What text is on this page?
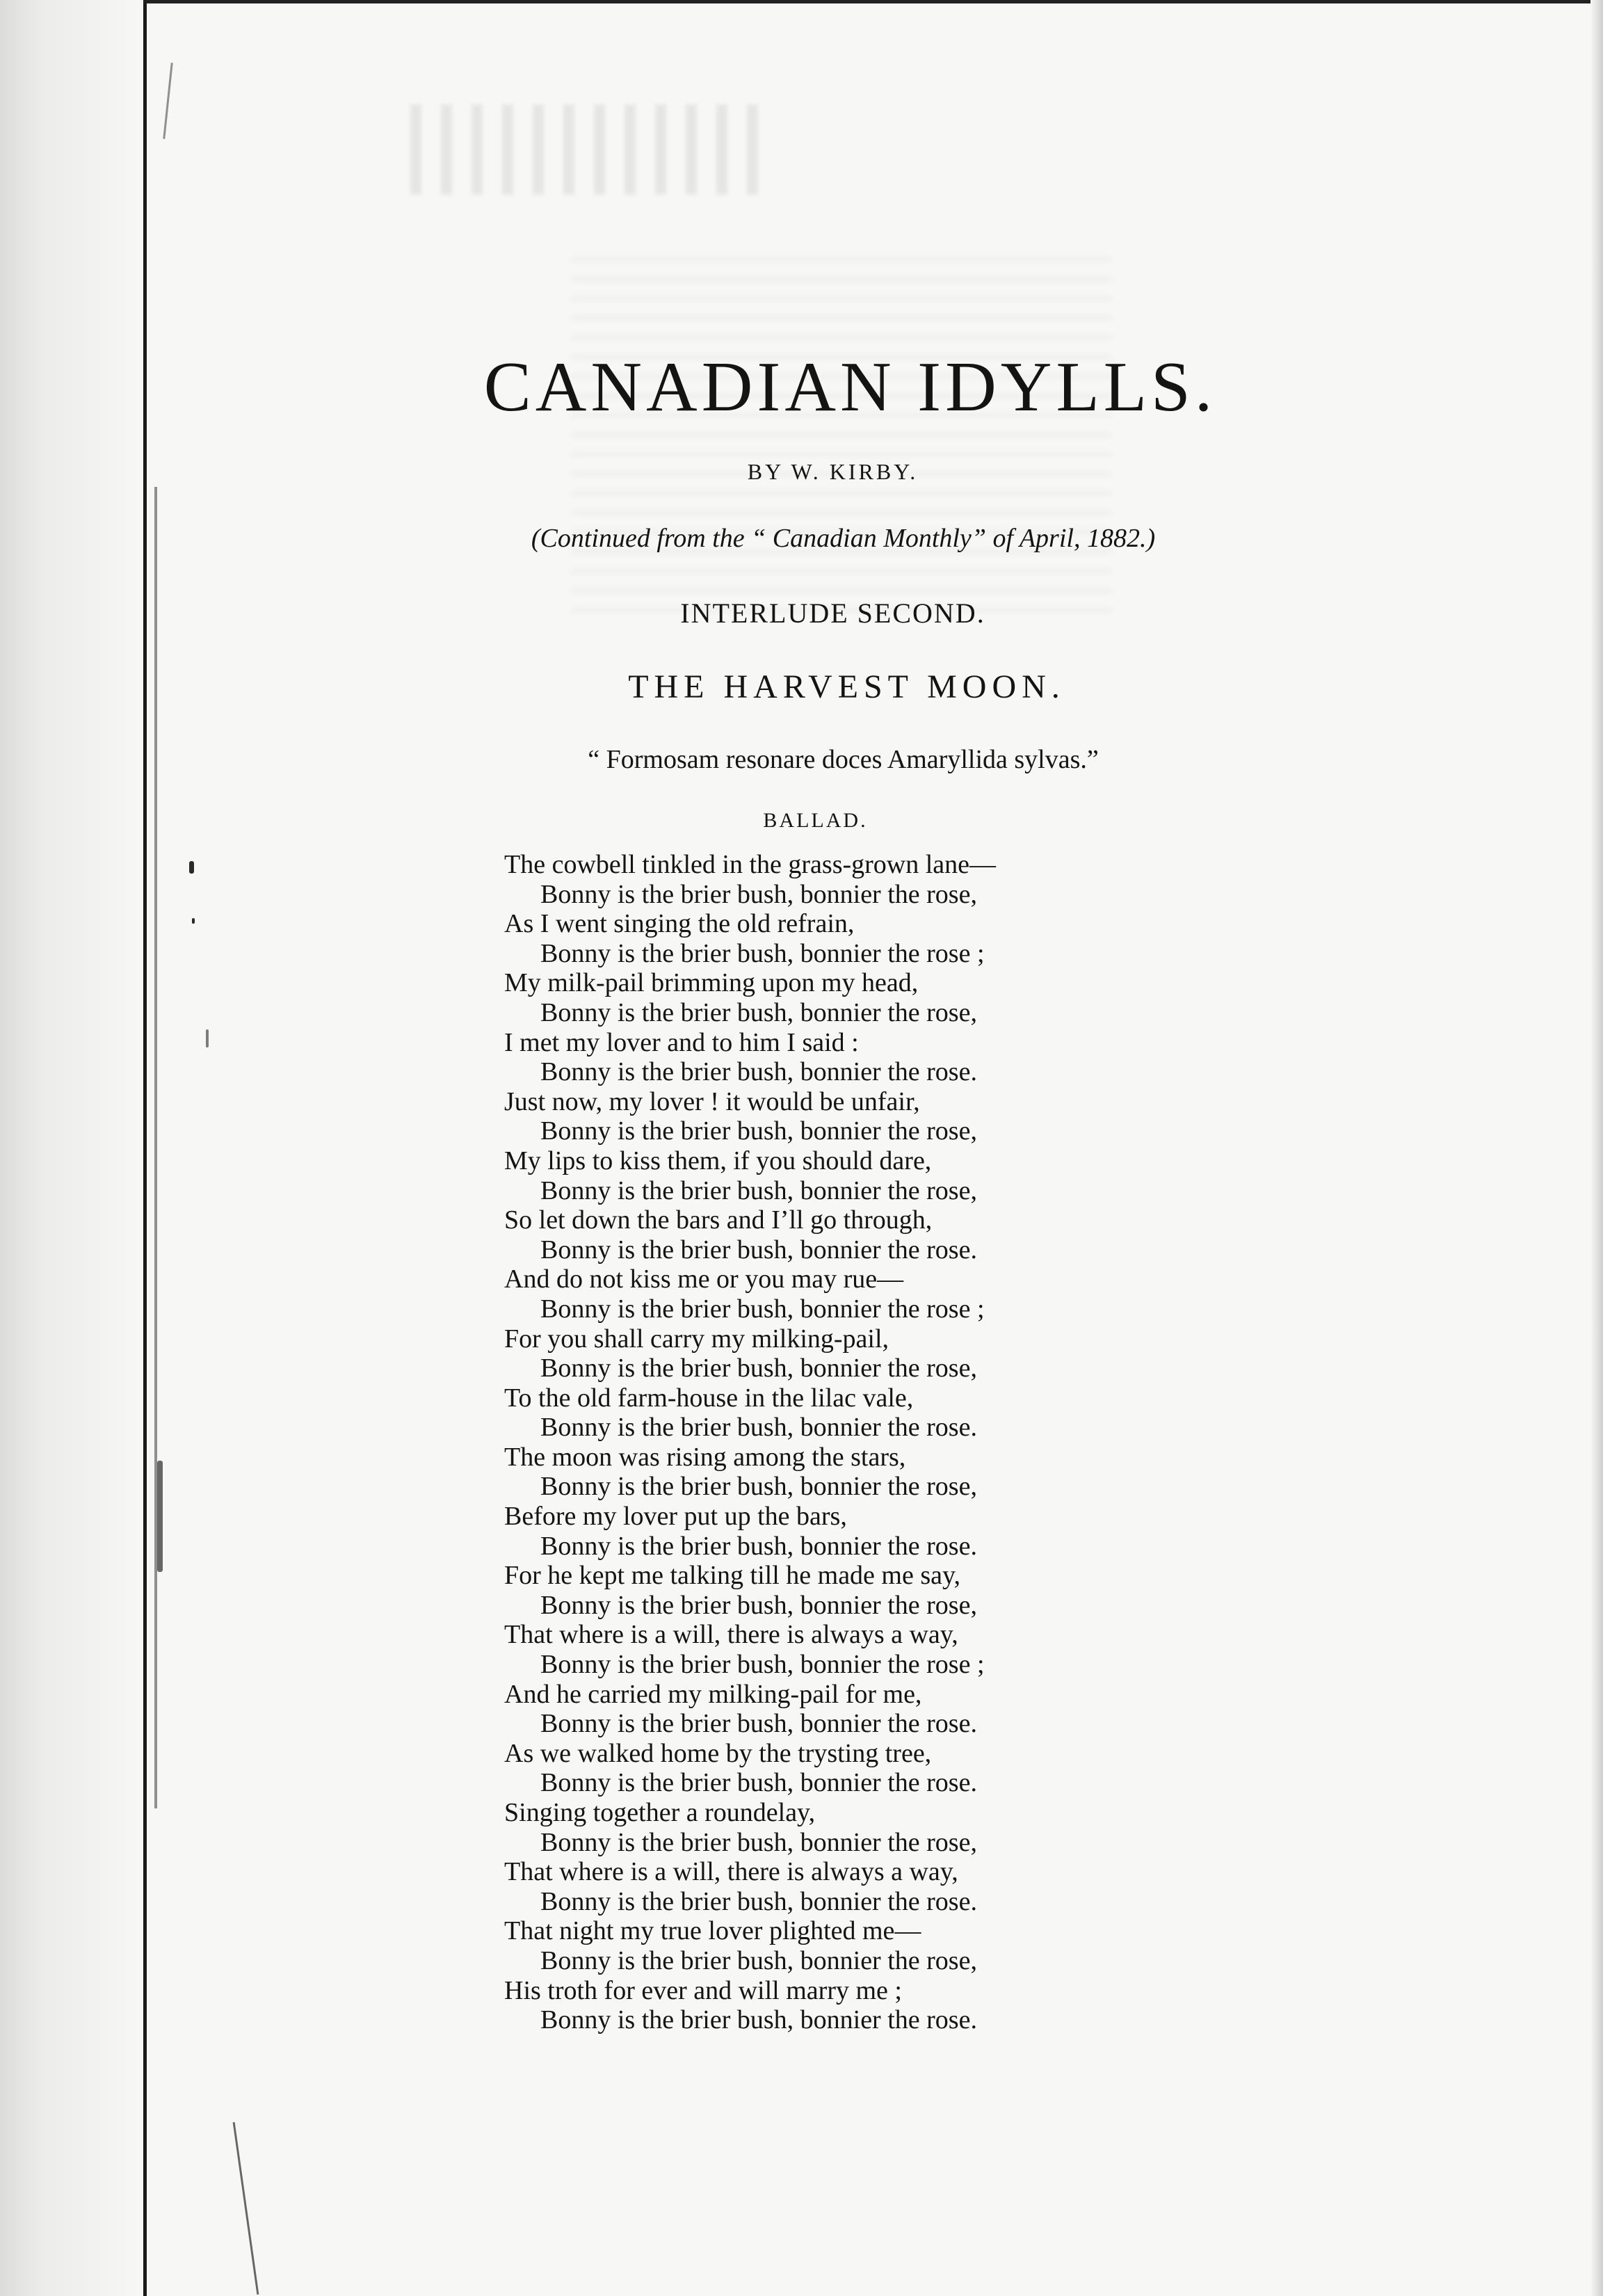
CANADIAN IDYLLS.
BY W. KIRBY.
(Continued from the “ Canadian Monthly” of April, 1882.)
INTERLUDE SECOND.
THE HARVEST MOON.
“ Formosam resonare doces Amaryllida sylvas.”
BALLAD.
The cowbell tinkled in the grass-grown lane—
Bonny is the brier bush, bonnier the rose,
As I went singing the old refrain,
Bonny is the brier bush, bonnier the rose ;
My milk-pail brimming upon my head,
Bonny is the brier bush, bonnier the rose,
I met my lover and to him I said :
Bonny is the brier bush, bonnier the rose.
Just now, my lover ! it would be unfair,
Bonny is the brier bush, bonnier the rose,
My lips to kiss them, if you should dare,
Bonny is the brier bush, bonnier the rose,
So let down the bars and I’ll go through,
Bonny is the brier bush, bonnier the rose.
And do not kiss me or you may rue—
Bonny is the brier bush, bonnier the rose ;
For you shall carry my milking-pail,
Bonny is the brier bush, bonnier the rose,
To the old farm-house in the lilac vale,
Bonny is the brier bush, bonnier the rose.
The moon was rising among the stars,
Bonny is the brier bush, bonnier the rose,
Before my lover put up the bars,
Bonny is the brier bush, bonnier the rose.
For he kept me talking till he made me say,
Bonny is the brier bush, bonnier the rose,
That where is a will, there is always a way,
Bonny is the brier bush, bonnier the rose ;
And he carried my milking-pail for me,
Bonny is the brier bush, bonnier the rose.
As we walked home by the trysting tree,
Bonny is the brier bush, bonnier the rose.
Singing together a roundelay,
Bonny is the brier bush, bonnier the rose,
That where is a will, there is always a way,
Bonny is the brier bush, bonnier the rose.
That night my true lover plighted me—
Bonny is the brier bush, bonnier the rose,
His troth for ever and will marry me ;
Bonny is the brier bush, bonnier the rose.
